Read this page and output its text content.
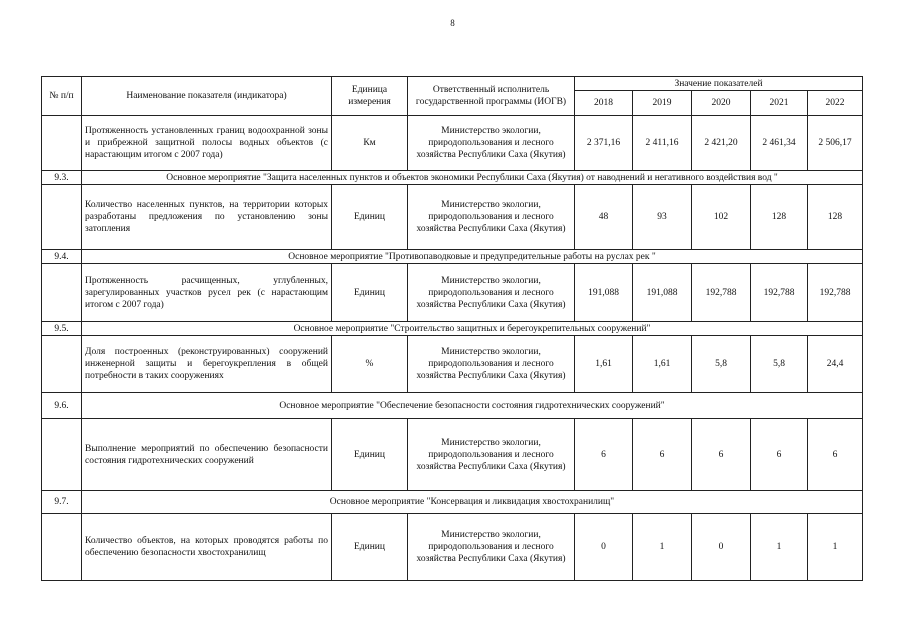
8
№ п/п	Наименование показателя (индикатора)	Единица измерения	Ответственный исполнитель государственной программы (ИОГВ)	Значение показателей				
				2018	2019	2020	2021	2022
	Протяженность установленных границ водоохранной зоны и прибрежной защитной полосы водных объектов (с нарастающим итогом с 2007 года)	Км	Министерство экологии, природопользования и лесного хозяйства Республики Саха (Якутия)	2 371,16	2 411,16	2 421,20	2 461,34	2 506,17
9.3.	Основное мероприятие "Защита населенных пунктов и объектов экономики Республики Саха (Якутия) от наводнений и негативного воздействия вод "							
	Количество населенных пунктов, на территории которых разработаны предложения по установлению зоны затопления	Единиц	Министерство экологии, природопользования и лесного хозяйства Республики Саха (Якутия)	48	93	102	128	128
9.4.	Основное мероприятие "Противопаводковые и предупредительные работы на руслах рек "							
	Протяженность расчищенных, углубленных, зарегулированных участков русел рек (с нарастающим итогом с 2007 года)	Единиц	Министерство экологии, природопользования и лесного хозяйства Республики Саха (Якутия)	191,088	191,088	192,788	192,788	192,788
9.5.	Основное мероприятие "Строительство защитных и берегоукрепительных сооружений"							
	Доля построенных (реконструированных) сооружений инженерной защиты и берегоукрепления в общей потребности в таких сооружениях	%	Министерство экологии, природопользования и лесного хозяйства Республики Саха (Якутия)	1,61	1,61	5,8	5,8	24,4
9.6.	Основное мероприятие "Обеспечение безопасности состояния гидротехнических сооружений"							
	Выполнение мероприятий по обеспечению безопасности состояния гидротехнических сооружений	Единиц	Министерство экологии, природопользования и лесного хозяйства Республики Саха (Якутия)	6	6	6	6	6
9.7.	Основное мероприятие "Консервация и ликвидация хвостохранилищ"							
	Количество объектов, на которых проводятся работы по обеспечению безопасности хвостохранилищ	Единиц	Министерство экологии, природопользования и лесного хозяйства Республики Саха (Якутия)	0	1	0	1	1
